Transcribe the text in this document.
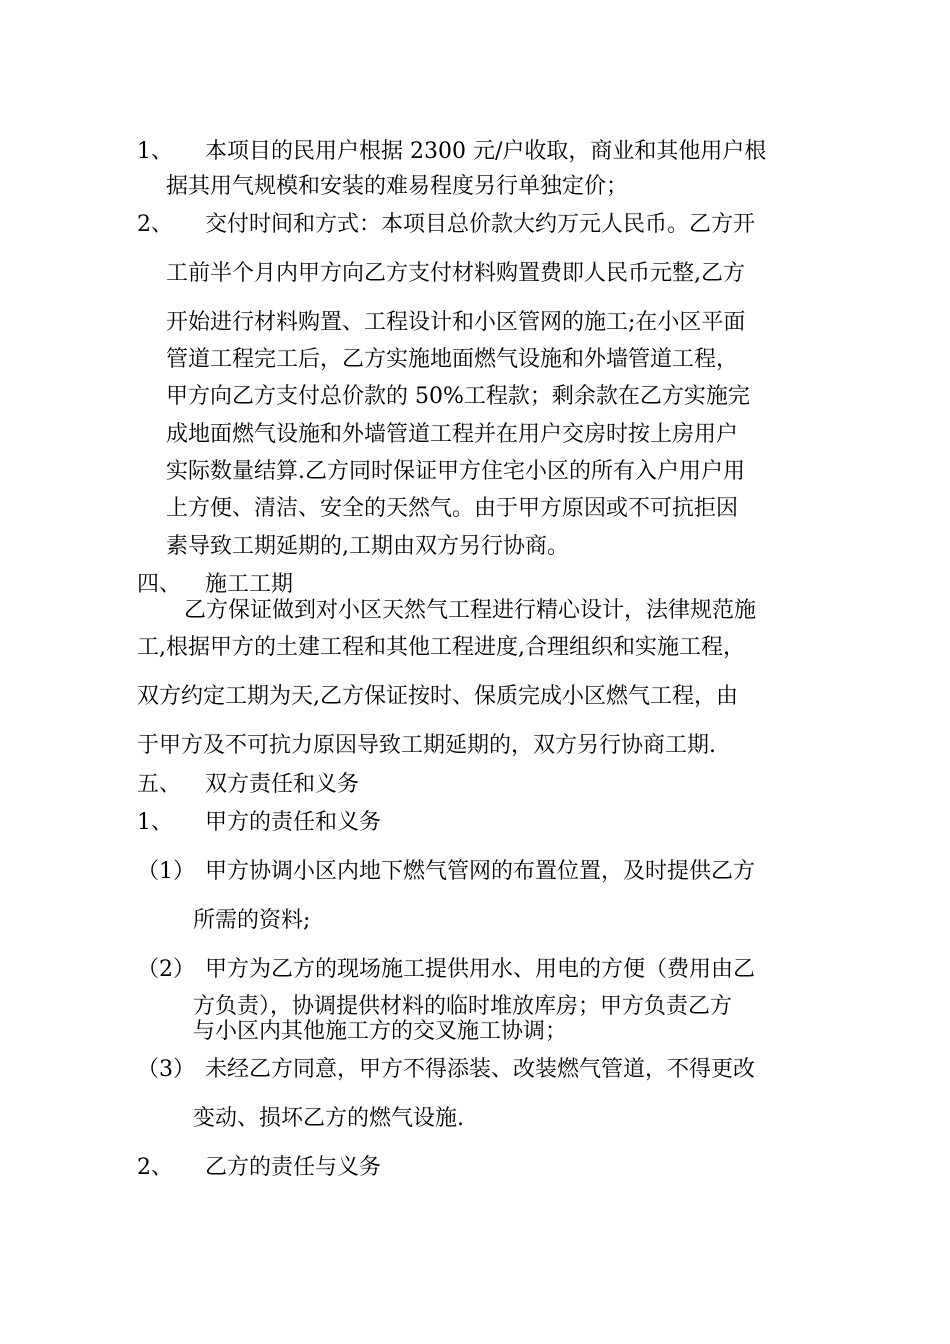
1、 本项目的民用户根据 2300 元/户收取，商业和其他用户根
据其用气规模和安装的难易程度另行单独定价；
2、 交付时间和方式：本项目总价款大约万元人民币。乙方开
工前半个月内甲方向乙方支付材料购置费即人民币元整,乙方
开始进行材料购置、工程设计和小区管网的施工;在小区平面
管道工程完工后，乙方实施地面燃气设施和外墙管道工程，
甲方向乙方支付总价款的 50%工程款；剩余款在乙方实施完
成地面燃气设施和外墙管道工程并在用户交房时按上房用户
实际数量结算.乙方同时保证甲方住宅小区的所有入户用户用
上方便、清洁、安全的天然气。由于甲方原因或不可抗拒因
素导致工期延期的,工期由双方另行协商。
四、 施工工期
乙方保证做到对小区天然气工程进行精心设计，法律规范施
工,根据甲方的土建工程和其他工程进度,合理组织和实施工程，
双方约定工期为天,乙方保证按时、保质完成小区燃气工程，由
于甲方及不可抗力原因导致工期延期的，双方另行协商工期.
五、 双方责任和义务
1、 甲方的责任和义务
（1） 甲方协调小区内地下燃气管网的布置位置，及时提供乙方
所需的资料;
（2） 甲方为乙方的现场施工提供用水、用电的方便（费用由乙
方负责），协调提供材料的临时堆放库房；甲方负责乙方
与小区内其他施工方的交叉施工协调；
（3） 未经乙方同意，甲方不得添装、改装燃气管道，不得更改
变动、损坏乙方的燃气设施.
2、 乙方的责任与义务
